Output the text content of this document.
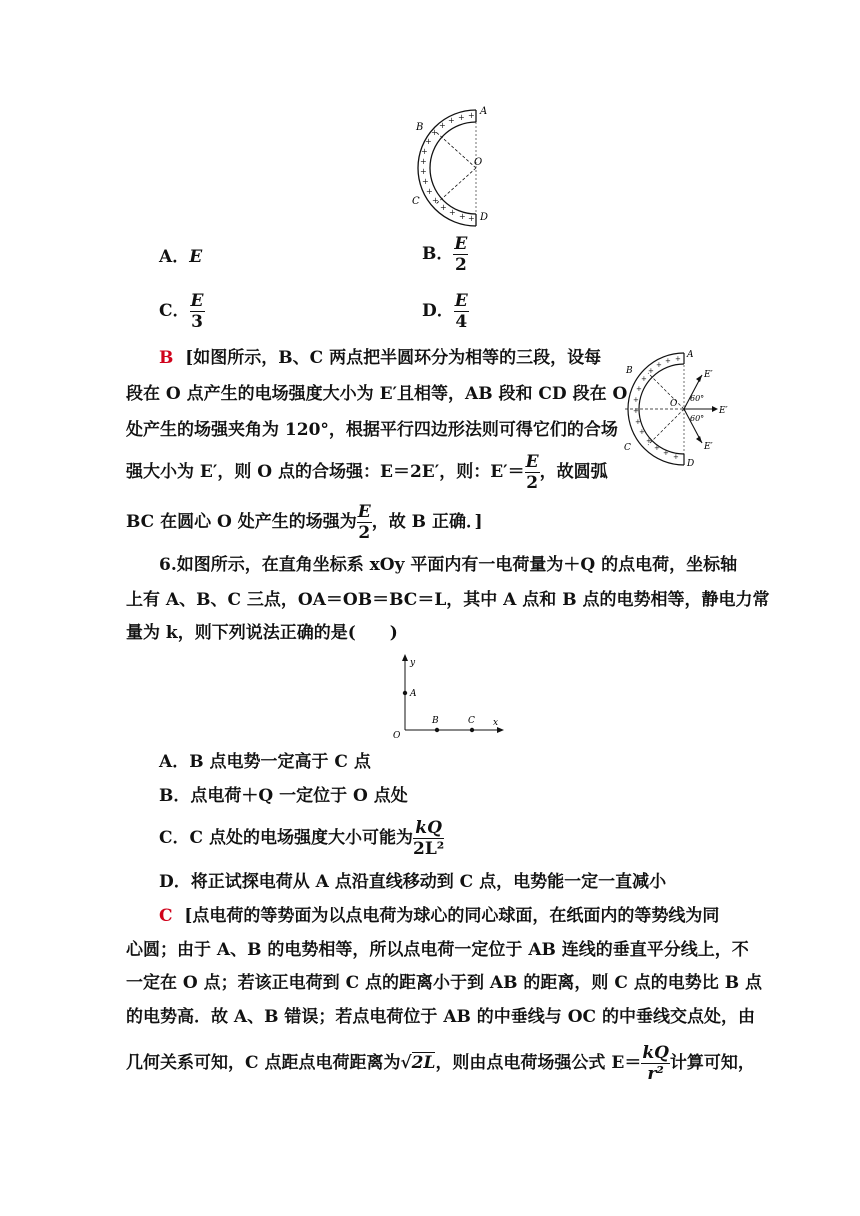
+
+
+
+
+
+
+
+
+
+
+
+
+
+ + +
A
B
C
D
O
A．E	B． $\frac{E}{2}$
C． $\frac{E}{3}$	D． $\frac{E}{4}$
B [如图所示，B、C 两点把半圆环分为相等的三段，设每
段在 O 点产生的电场强度大小为 E′且相等，AB 段和 CD 段在 O
处产生的场强夹角为 120°，根据平行四边形法则可得它们的合场
强大小为 E′，则 O 点的合场强：E＝2E′，则：$E'= \frac{E}{2}$ ，故圆弧
BC 在圆心 O 处产生的场强为 $\frac{E}{2}$ ，故 B 正确．]
+
+
+
+
+
+
+
+
+
+
+
+
+ +
A
B
C
D
O
E′
E′
E′
60°
60°
6.如图所示，在直角坐标系 xOy 平面内有一电荷量为＋Q 的点电荷，坐标轴
上有 A、B、C 三点，OA＝OB＝BC＝L，其中 A 点和 B 点的电势相等，静电力常
量为 k，则下列说法正确的是(　　)
y
x
O
A
B	C
A．B 点电势一定高于 C 点
B．点电荷＋Q 一定位于 O 点处
C．C 点处的电场强度大小可能为 $\frac{kQ}{\text{2L²}}$
D．将正试探电荷从 A 点沿直线移动到 C 点，电势能一定一直减小
C [点电荷的等势面为以点电荷为球心的同心球面，在纸面内的等势线为同
心圆；由于 A、B 的电势相等，所以点电荷一定位于 AB 连线的垂直平分线上，不
一定在 O 点；若该正电荷到 C 点的距离小于到 AB 的距离，则 C 点的电势比 B 点
的电势高．故 A、B 错误；若点电荷位于 AB 的中垂线与 OC 的中垂线交点处，由
几何关系可知，C 点距点电荷距离为√2L，则由点电荷场强公式 $E= \frac{kQ}{\text{r²}}$ 计算可知，
